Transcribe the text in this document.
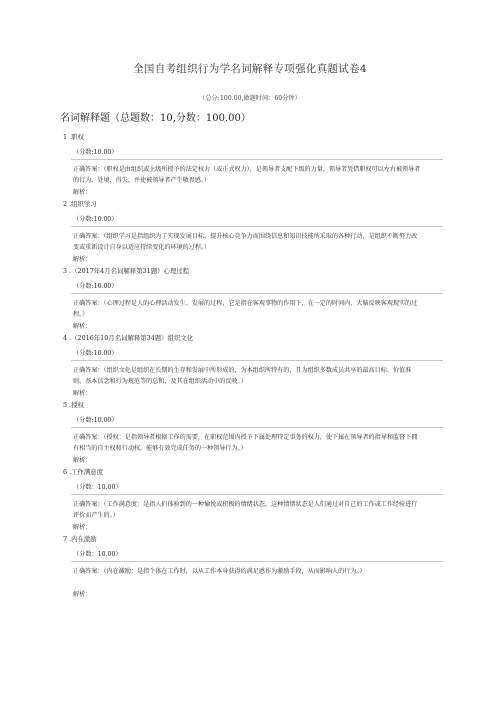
全国自考组织行为学名词解释专项强化真题试卷4
（总分:100.00,做题时间：60分钟）
名词解释题（总题数：10,分数：100.00）
1 .职权
（分数:10.00）
正确答案：（职权是由组织或上级所授予的法定权力（或正式权力），是领导者支配下级的力量，领导者凭借职权可以左右被领导者的行为、处境、得失，并使被领导者产生敬畏感。）
解析：
2 .组织学习
（分数:10.00）
正确答案：（组织学习是指组织为了实现发展目标、提升核心竞争力而围绕信息和知识技能所采取的各种行动，是组织不断努力改变或重新设计自身以适应持续变化的环境的过程。）
解析：
3 .（2017年4月名词解释第31题）心理过程
（分数:10.00）
正确答案：（心理过程是人的心理活动发生、发展的过程，它是指在客观事物的作用下，在一定的时间内，大脑反映客观现实的过程。）
解析：
4 .（2016年10月名词解释第34题）组织文化
（分数:10.00）
正确答案：（组织文化是组织在长期的生存和发展中所形成的，为本组织所特有的，且为组织多数成员共享的最高目标、价值准则、基本信念和行为规范等的总和，及其在组织活动中的反映。）
解析：
5 .授权
（分数:10.00）
正确答案：（授权：是指领导者根据工作的需要，在职权范围内授予下属处理特定事务的权力，使下属在领导者的指导和监督下拥有相当的自主权和行动权，能够有效完成任务的一种领导行为。）
解析：
6 .工作满意度
（分数：10.00）
正确答案：（工作满意度：是指人们体验到的一种愉悦或积极的情绪状态，这种情绪状态是人们通过对自己的工作或工作经验进行评价而产生的。）
解析：
7 .内在激励
（分数：10.00）
正确答案：（内在激励：是指个体在工作时，以从工作本身获得的满足感作为激励手段，从而影响人的行为。）
解析：
